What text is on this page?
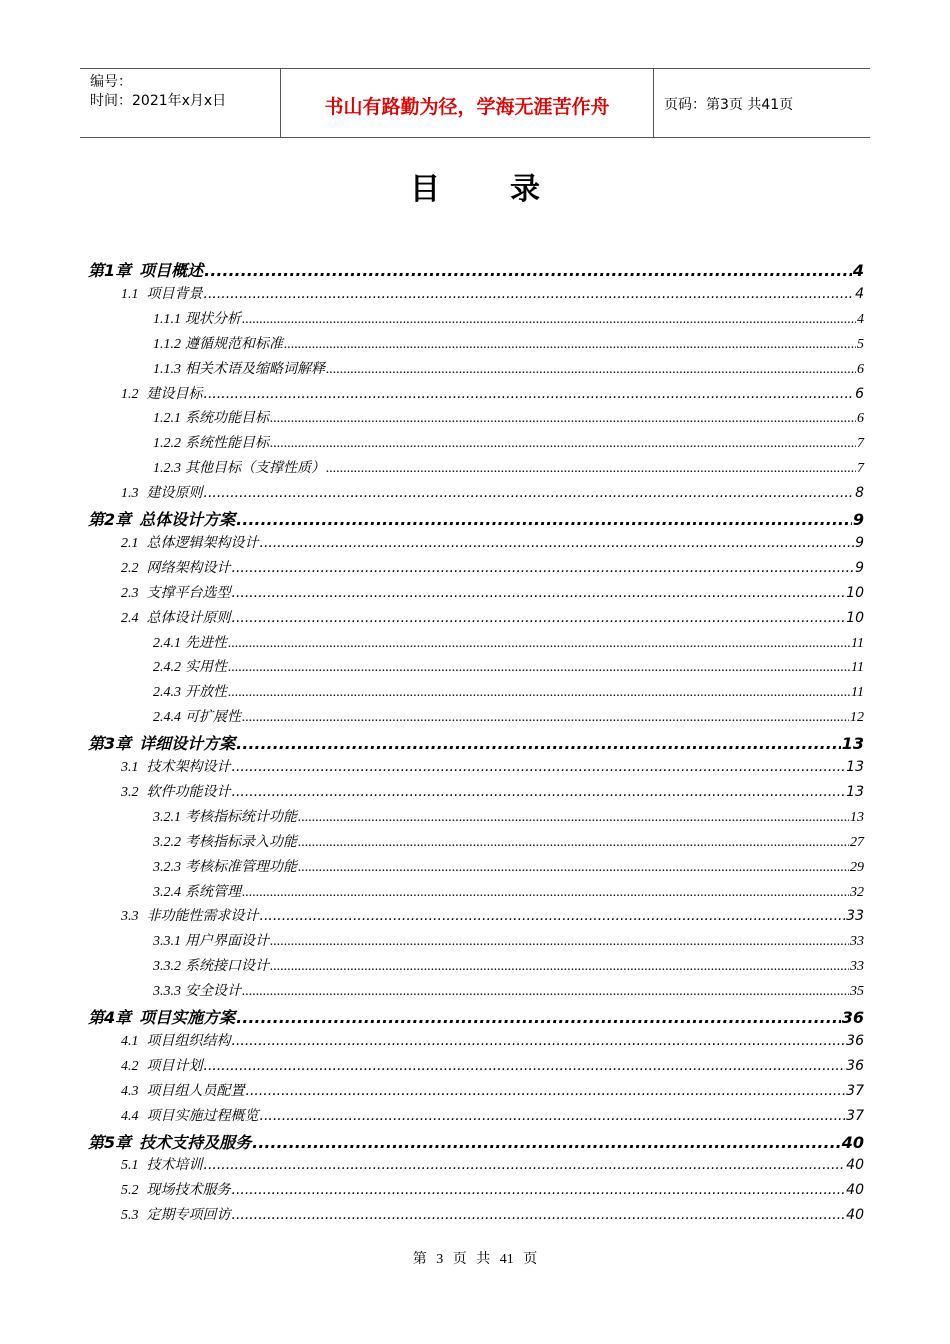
编号：
时间：2021年x月x日	书山有路勤为径，学海无涯苦作舟	页码：第3页 共41页
目录
第1章 项目概述 .....	4
1.1 项目背景 .....	4
1.1.1 现状分析 .....	4
1.1.2 遵循规范和标准 .....	5
1.1.3 相关术语及缩略词解释 .....	6
1.2 建设目标 .....	6
1.2.1 系统功能目标 .....	6
1.2.2 系统性能目标 .....	7
1.2.3 其他目标（支撑性质） .....	7
1.3 建设原则 .....	8
第2章 总体设计方案 .....	9
2.1 总体逻辑架构设计 .....	9
2.2 网络架构设计 .....	9
2.3 支撑平台选型 .....	10
2.4 总体设计原则 .....	10
2.4.1 先进性 .....	11
2.4.2 实用性 .....	11
2.4.3 开放性 .....	11
2.4.4 可扩展性 .....	12
第3章 详细设计方案 .....	13
3.1 技术架构设计 .....	13
3.2 软件功能设计 .....	13
3.2.1 考核指标统计功能 .....	13
3.2.2 考核指标录入功能 .....	27
3.2.3 考核标准管理功能 .....	29
3.2.4 系统管理 .....	32
3.3 非功能性需求设计 .....	33
3.3.1 用户界面设计 .....	33
3.3.2 系统接口设计 .....	33
3.3.3 安全设计 .....	35
第4章 项目实施方案 .....	36
4.1 项目组织结构 .....	36
4.2 项目计划 .....	36
4.3 项目组人员配置 .....	37
4.4 项目实施过程概览 .....	37
第5章 技术支持及服务 .....	40
5.1 技术培训 .....	40
5.2 现场技术服务 .....	40
5.3 定期专项回访 .....	40
第 3 页 共 41 页
